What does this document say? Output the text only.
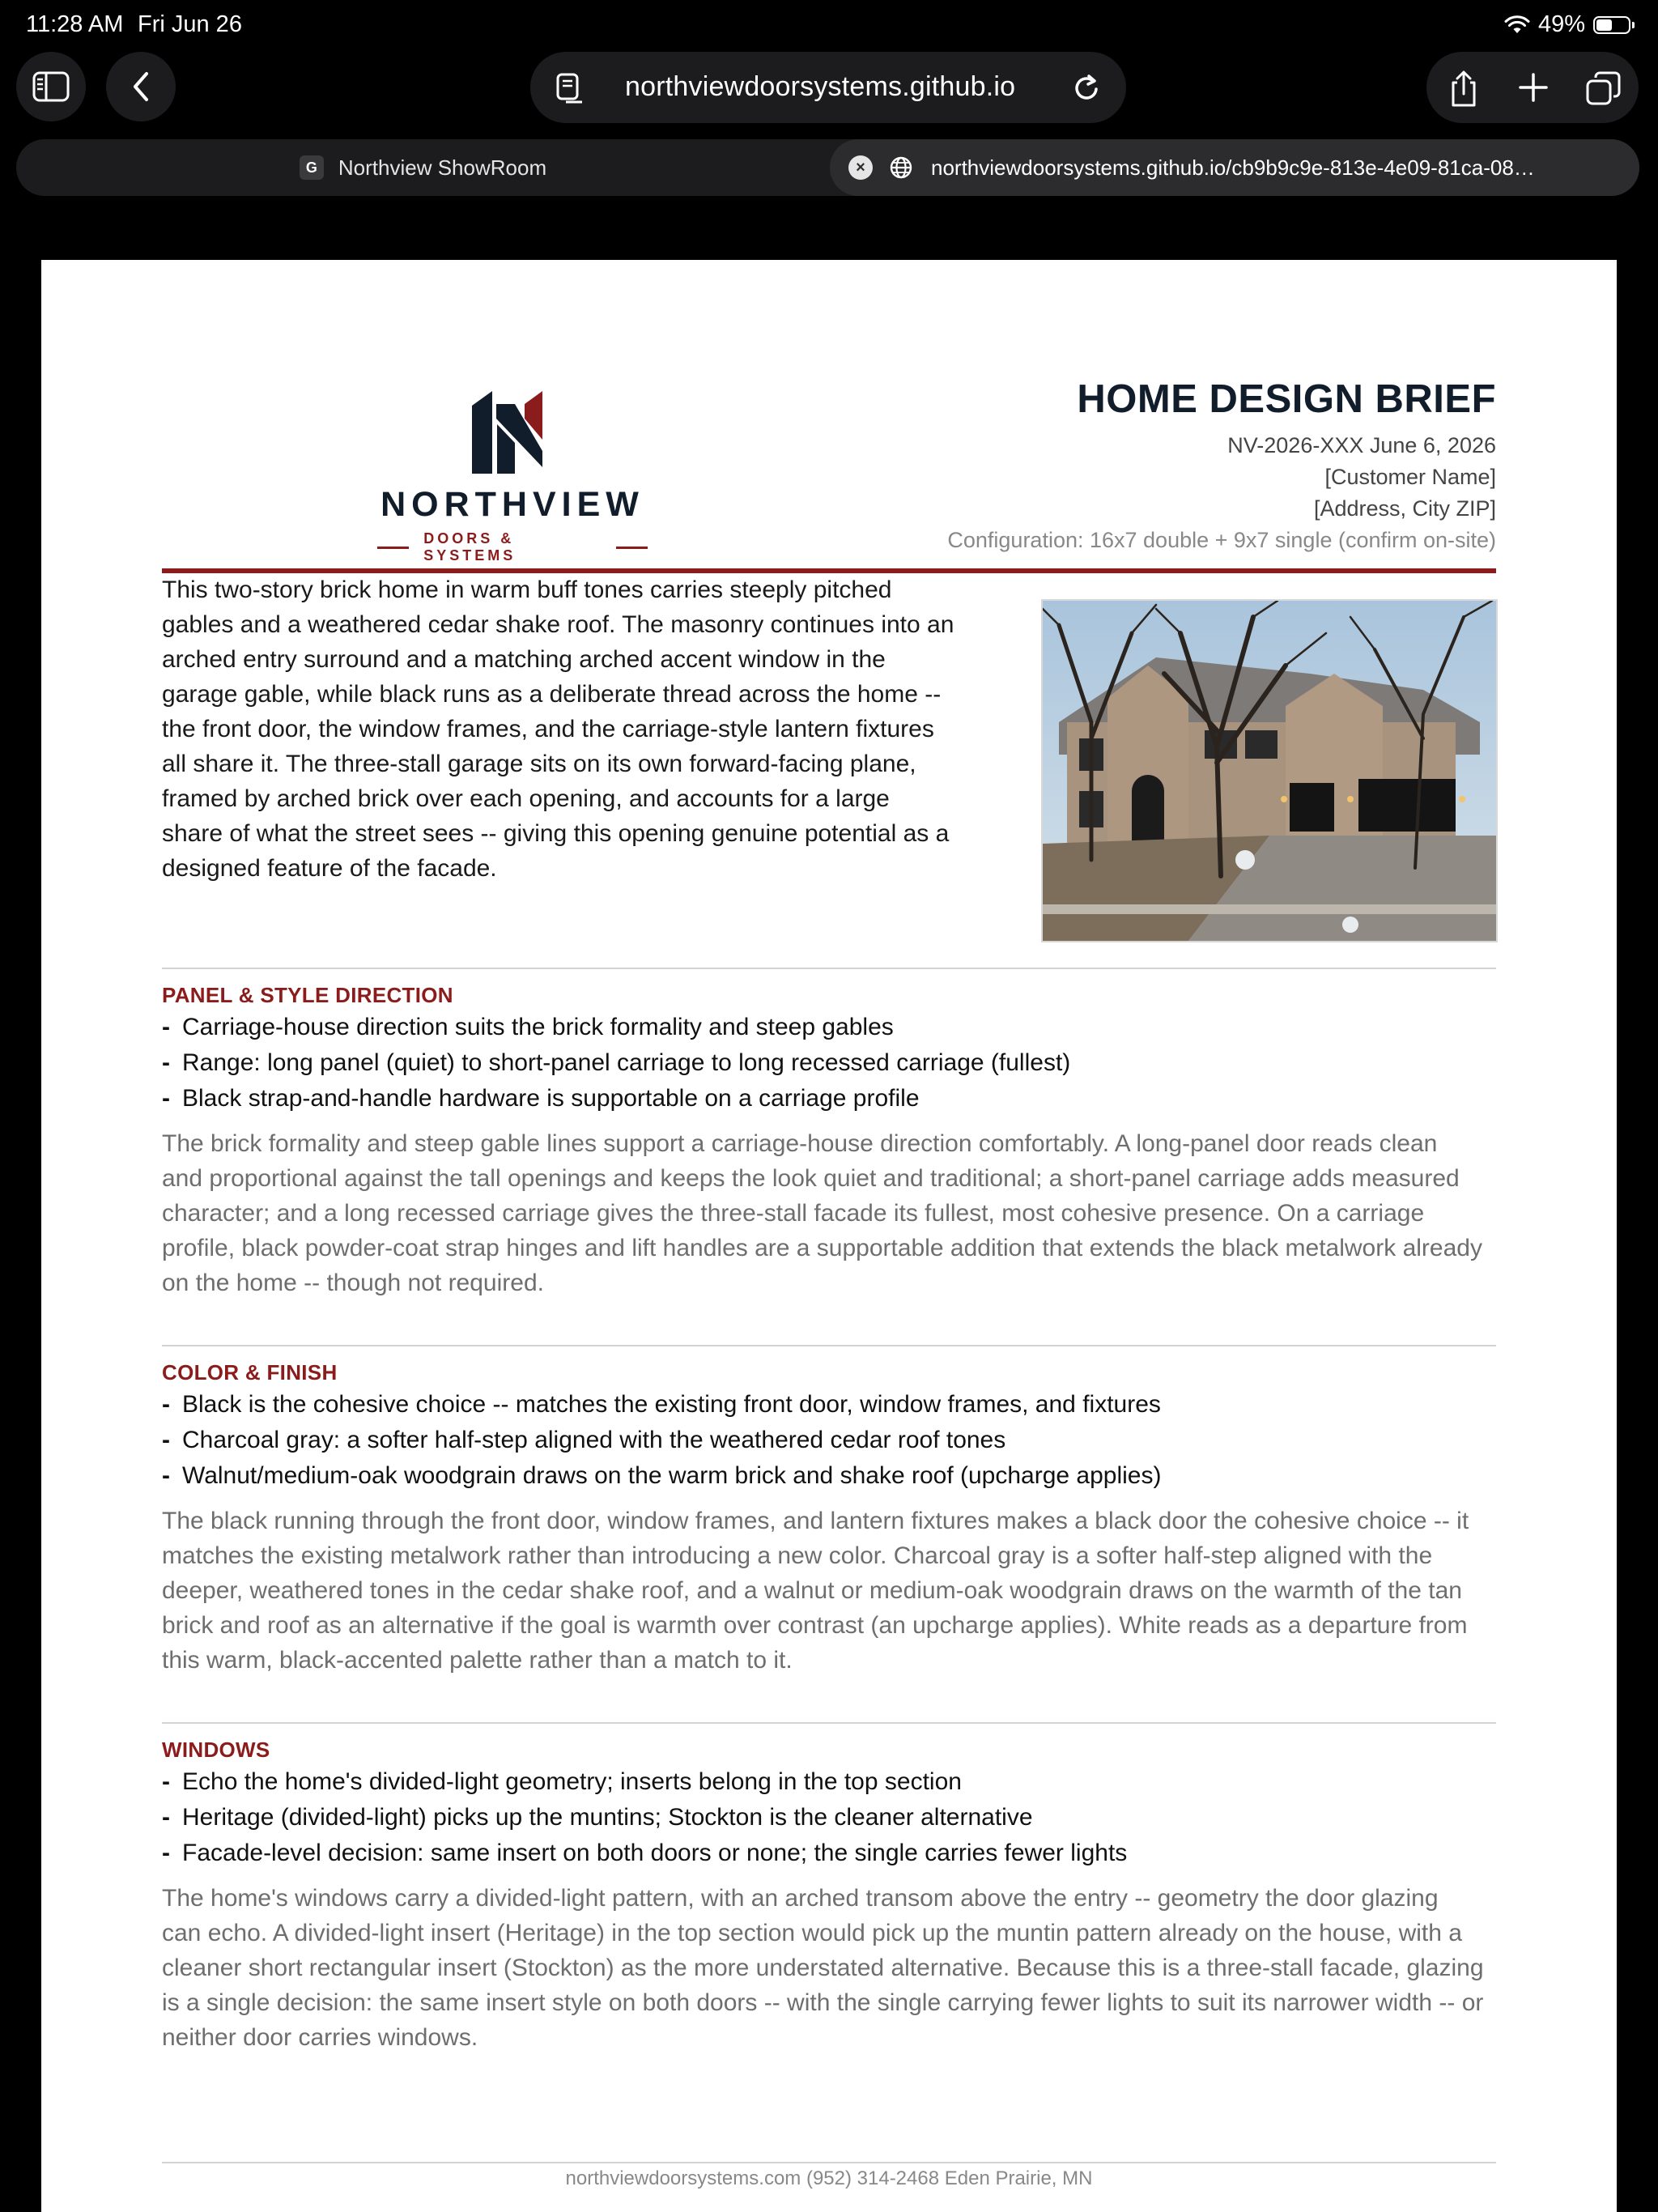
11:28 AM Fri Jun 26	49%
northviewdoorsystems.github.io
G	Northview ShowRoom	×	northviewdoorsystems.github.io/cb9b9c9e-813e-4e09-81ca-08…
NORTHVIEW
DOORS & SYSTEMS
HOME DESIGN BRIEF
NV-2026-XXX June 6, 2026
[Customer Name]
[Address, City ZIP]
Configuration: 16x7 double + 9x7 single (confirm on-site)
This two-story brick home in warm buff tones carries steeply pitched
gables and a weathered cedar shake roof. The masonry continues into an
arched entry surround and a matching arched accent window in the
garage gable, while black runs as a deliberate thread across the home --
the front door, the window frames, and the carriage-style lantern fixtures
all share it. The three-stall garage sits on its own forward-facing plane,
framed by arched brick over each opening, and accounts for a large
share of what the street sees -- giving this opening genuine potential as a
designed feature of the facade.
PANEL & STYLE DIRECTION
- Carriage-house direction suits the brick formality and steep gables
- Range: long panel (quiet) to short-panel carriage to long recessed carriage (fullest)
- Black strap-and-handle hardware is supportable on a carriage profile
The brick formality and steep gable lines support a carriage-house direction comfortably. A long-panel door reads clean
and proportional against the tall openings and keeps the look quiet and traditional; a short-panel carriage adds measured
character; and a long recessed carriage gives the three-stall facade its fullest, most cohesive presence. On a carriage
profile, black powder-coat strap hinges and lift handles are a supportable addition that extends the black metalwork already
on the home -- though not required.
COLOR & FINISH
- Black is the cohesive choice -- matches the existing front door, window frames, and fixtures
- Charcoal gray: a softer half-step aligned with the weathered cedar roof tones
- Walnut/medium-oak woodgrain draws on the warm brick and shake roof (upcharge applies)
The black running through the front door, window frames, and lantern fixtures makes a black door the cohesive choice -- it
matches the existing metalwork rather than introducing a new color. Charcoal gray is a softer half-step aligned with the
deeper, weathered tones in the cedar shake roof, and a walnut or medium-oak woodgrain draws on the warmth of the tan
brick and roof as an alternative if the goal is warmth over contrast (an upcharge applies). White reads as a departure from
this warm, black-accented palette rather than a match to it.
WINDOWS
- Echo the home's divided-light geometry; inserts belong in the top section
- Heritage (divided-light) picks up the muntins; Stockton is the cleaner alternative
- Facade-level decision: same insert on both doors or none; the single carries fewer lights
The home's windows carry a divided-light pattern, with an arched transom above the entry -- geometry the door glazing
can echo. A divided-light insert (Heritage) in the top section would pick up the muntin pattern already on the house, with a
cleaner short rectangular insert (Stockton) as the more understated alternative. Because this is a three-stall facade, glazing
is a single decision: the same insert style on both doors -- with the single carrying fewer lights to suit its narrower width -- or
neither door carries windows.
northviewdoorsystems.com (952) 314-2468 Eden Prairie, MN
